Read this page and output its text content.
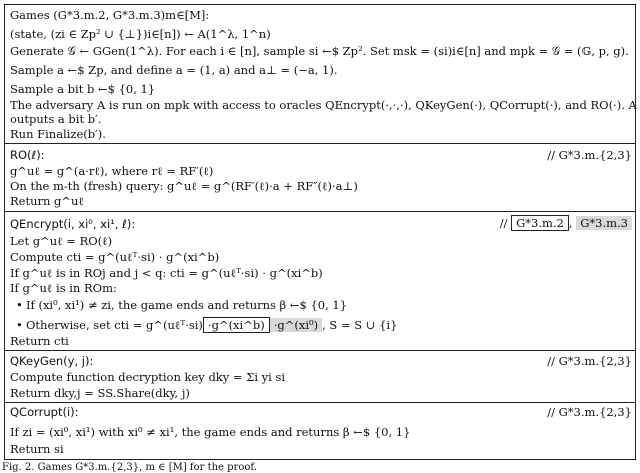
Games (G*3.m.2, G*3.m.3)m∈[M]:
(state, (zi ∈ Zp² ∪ {⊥})i∈[n]) ← A(1^λ, 1^n)
Generate 𝒢 ← GGen(1^λ). For each i ∈ [n], sample si ←$ Zp². Set msk = (si)i∈[n] and mpk = 𝒢 = (𝔾, p, g).
Sample a ←$ Zp, and define a = (1, a) and a⊥ = (−a, 1).
Sample a bit b ←$ {0, 1}
The adversary A is run on mpk with access to oracles QEncrypt(·,·,·), QKeyGen(·), QCorrupt(·), and RO(·). A
outputs a bit b′.
Run Finalize(b′).
RO(ℓ):	// G*3.m.{2,3}
g^uℓ = g^(a·rℓ), where rℓ = RF′(ℓ)
On the m-th (fresh) query: g^uℓ = g^(RF′(ℓ)·a + RF″(ℓ)·a⊥)
Return g^uℓ
QEncrypt(i, xi⁰, xi¹, ℓ):	// G*3.m.2 , G*3.m.3
Let g^uℓ = RO(ℓ)
Compute cti = g^(uℓᵀ·si) · g^(xi^b)
If g^uℓ is in ROj and j < q: cti = g^(uℓᵀ·si) · g^(xi^b)
If g^uℓ is in ROm:
• If (xi⁰, xi¹) ≠ zi, the game ends and returns β ←$ {0, 1}
• Otherwise, set cti = g^(uℓᵀ·si) ·g^(xi^b) ·g^(xi⁰) , S = S ∪ {i}
Return cti
QKeyGen(y, j):	// G*3.m.{2,3}
Compute function decryption key dky = Σi yi si
Return dky,j = SS.Share(dky, j)
QCorrupt(i):	// G*3.m.{2,3}
If zi = (xi⁰, xi¹) with xi⁰ ≠ xi¹, the game ends and returns β ←$ {0, 1}
Return si
Fig. 2. Games G*3.m.{2,3}, m ∈ [M] for the proof.
